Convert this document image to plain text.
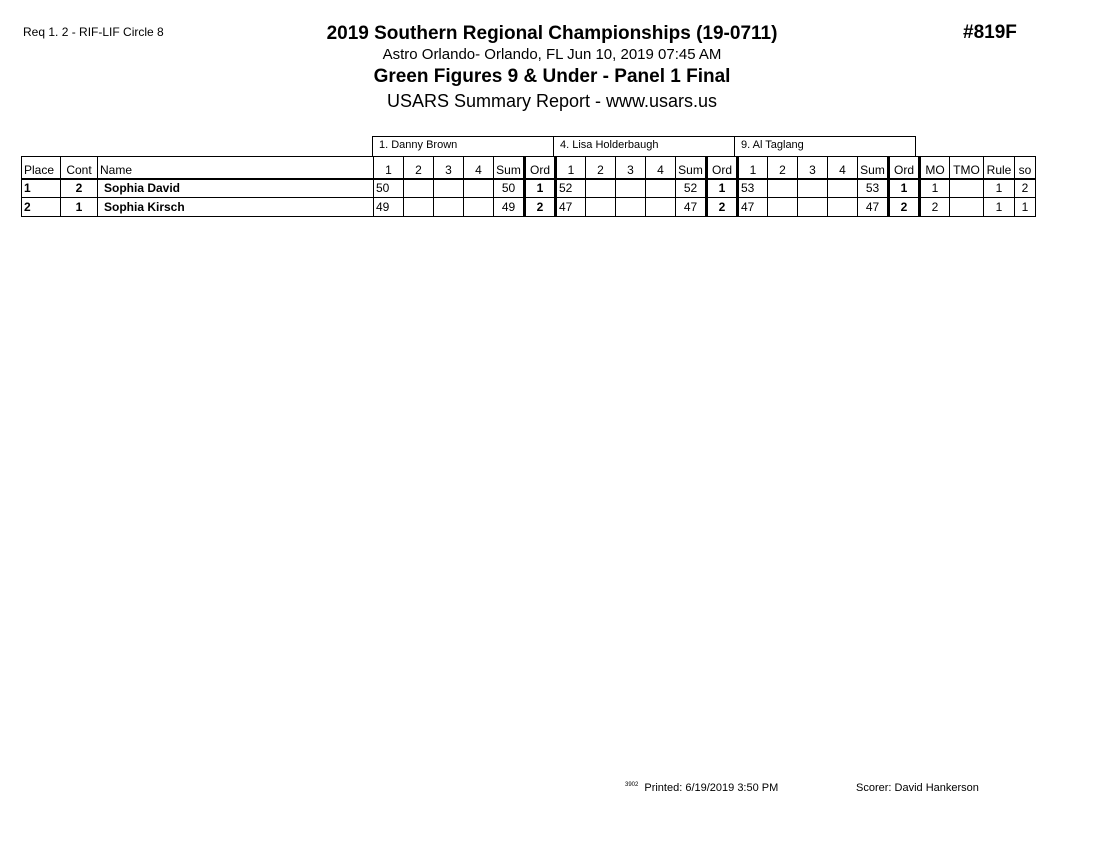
Req 1. 2 - RIF-LIF Circle 8	#819F
2019 Southern Regional Championships (19-0711)
Astro Orlando- Orlando, FL Jun 10, 2019 07:45 AM
Green Figures 9 & Under - Panel 1 Final
USARS Summary Report - www.usars.us
1. Danny Brown	4. Lisa Holderbaugh	9. Al Taglang
Place	Cont	Name	1	2	3	4	Sum	Ord	1	2	3	4	Sum	Ord	1	2	3	4	Sum	Ord	MO	TMO	Rule	so
1	2	Sophia David	50				50	1	52				52	1	53				53	1	1		1	2
2	1	Sophia Kirsch	49				49	2	47				47	2	47				47	2	2		1	1
$^{3902}$ Printed: 6/19/2019 3:50 PM	Scorer: David Hankerson
